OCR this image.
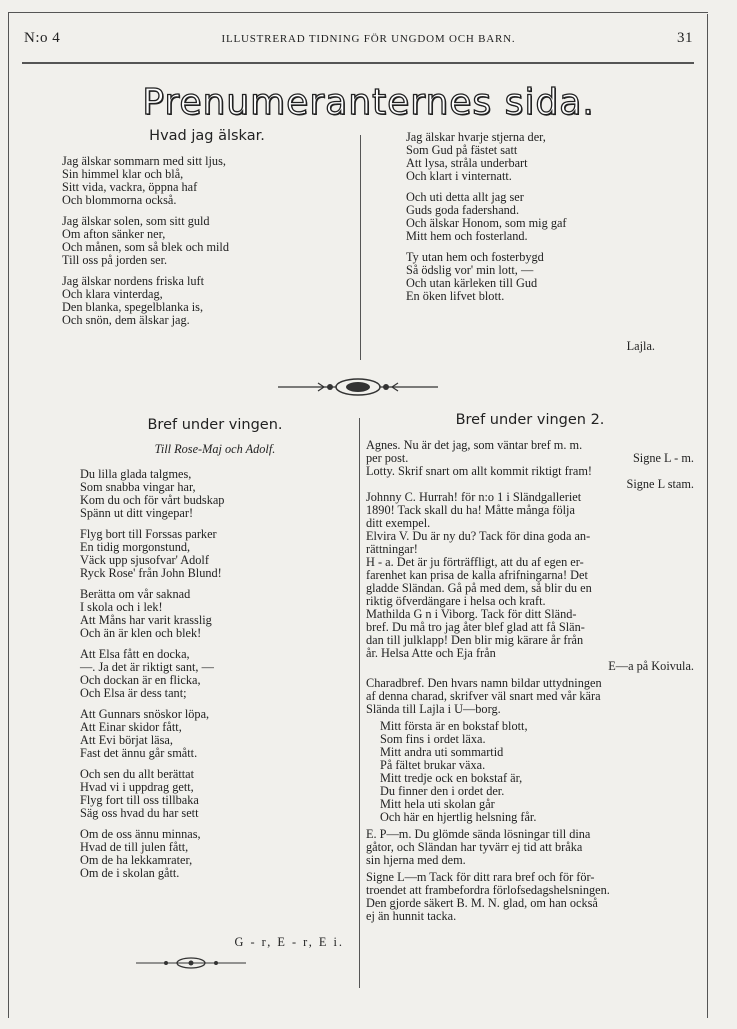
N:o 4	ILLUSTRERAD TIDNING FÖR UNGDOM OCH BARN.	31
Prenumeranternes sida.
Hvad jag älskar.
Jag älskar sommarn med sitt ljus,
Sin himmel klar och blå,
Sitt vida, vackra, öppna haf
Och blommorna också.
Jag älskar solen, som sitt guld
Om afton sänker ner,
Och månen, som så blek och mild
Till oss på jorden ser.
Jag älskar nordens friska luft
Och klara vinterdag,
Den blanka, spegelblanka is,
Och snön, dem älskar jag.
Jag älskar hvarje stjerna der,
Som Gud på fästet satt
Att lysa, stråla underbart
Och klart i vinternatt.
Och uti detta allt jag ser
Guds goda fadershand.
Och älskar Honom, som mig gaf
Mitt hem och fosterland.
Ty utan hem och fosterbygd
Så ödslig vor' min lott, —
Och utan kärleken till Gud
En öken lifvet blott.
Lajla.
Bref under vingen.
Till Rose-Maj och Adolf.
Du lilla glada talgmes,
Som snabba vingar har,
Kom du och för vårt budskap
Spänn ut ditt vingepar!
Flyg bort till Forssas parker
En tidig morgonstund,
Väck upp sjusofvar' Adolf
Ryck Rose' från John Blund!
Berätta om vår saknad
I skola och i lek!
Att Måns har varit krasslig
Och än är klen och blek!
Att Elsa fått en docka,
—. Ja det är riktigt sant, —
Och dockan är en flicka,
Och Elsa är dess tant;
Att Gunnars snöskor löpa,
Att Einar skidor fått,
Att Evi börjat läsa,
Fast det ännu går smått.
Och sen du allt berättat
Hvad vi i uppdrag gett,
Flyg fort till oss tillbaka
Säg oss hvad du har sett
Om de oss ännu minnas,
Hvad de till julen fått,
Om de ha lekkamrater,
Om de i skolan gått.
G - r, E - r, E i.
Bref under vingen 2.
Agnes. Nu är det jag, som väntar bref m. m.
per post.	Signe L - m.
Lotty. Skrif snart om allt kommit riktigt fram!
Signe L stam.
Johnny C. Hurrah! för n:o 1 i Sländgalleriet
1890! Tack skall du ha! Måtte många följa
ditt exempel.
Elvira V. Du är ny du? Tack för dina goda an-
rättningar!
H - a. Det är ju förträffligt, att du af egen er-
farenhet kan prisa de kalla afrifningarna! Det
gladde Sländan. Gå på med dem, så blir du en
riktig öfverdängare i helsa och kraft.
Mathilda G n i Viborg. Tack för ditt Sländ-
bref. Du må tro jag åter blef glad att få Slän-
dan till julklapp! Den blir mig kärare år från
år. Helsa Atte och Eja från
E—a på Koivula.
Charadbref. Den hvars namn bildar uttydningen
af denna charad, skrifver väl snart med vår kära
Sländа till Lajla i U—borg.
Mitt första är en bokstaf blott,
Som fins i ordet läxa.
Mitt andra uti sommartid
På fältet brukar växa.
Mitt tredje ock en bokstaf är,
Du finner den i ordet der.
Mitt hela uti skolan går
Och här en hjertlig helsning får.
E. P—m. Du glömde sända lösningar till dina
gåtor, och Sländan har tyvärr ej tid att bråka
sin hjerna med dem.
Signe L—m Tack för ditt rara bref och för för-
troendet att frambefordra förlofsedagshelsningen.
Den gjorde säkert B. M. N. glad, om han också
ej än hunnit tacka.
